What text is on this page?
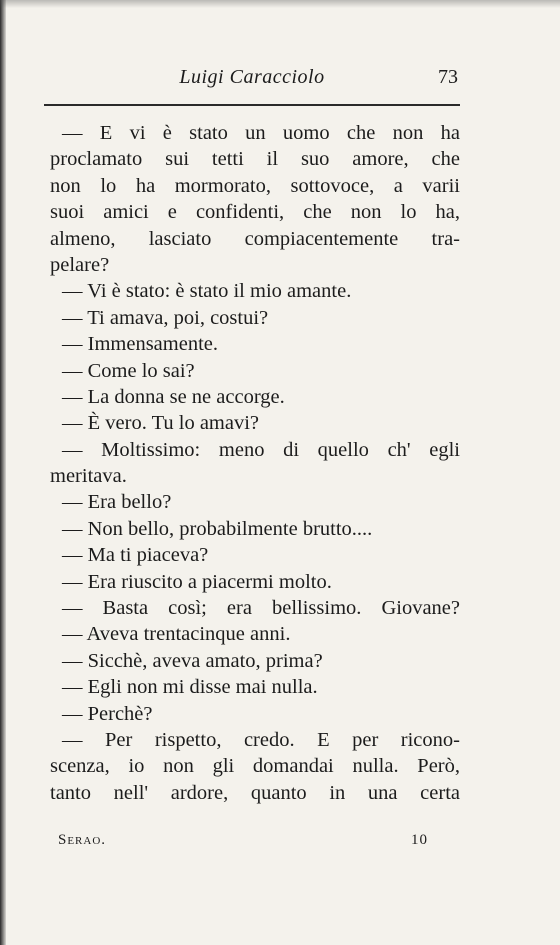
Luigi Caracciolo	73
— E vi è stato un uomo che non ha
proclamato sui tetti il suo amore, che
non lo ha mormorato, sottovoce, a varii
suoi amici e confidenti, che non lo ha,
almeno, lasciato compiacentemente tra-
pelare?
— Vi è stato: è stato il mio amante.
— Ti amava, poi, costui?
— Immensamente.
— Come lo sai?
— La donna se ne accorge.
— È vero. Tu lo amavi?
— Moltissimo: meno di quello ch' egli
meritava.
— Era bello?
— Non bello, probabilmente brutto....
— Ma ti piaceva?
— Era riuscito a piacermi molto.
— Basta così; era bellissimo. Giovane?
— Aveva trentacinque anni.
— Sicchè, aveva amato, prima?
— Egli non mi disse mai nulla.
— Perchè?
— Per rispetto, credo. E per ricono-
scenza, io non gli domandai nulla. Però,
tanto nell' ardore, quanto in una certa
Serao.	10
